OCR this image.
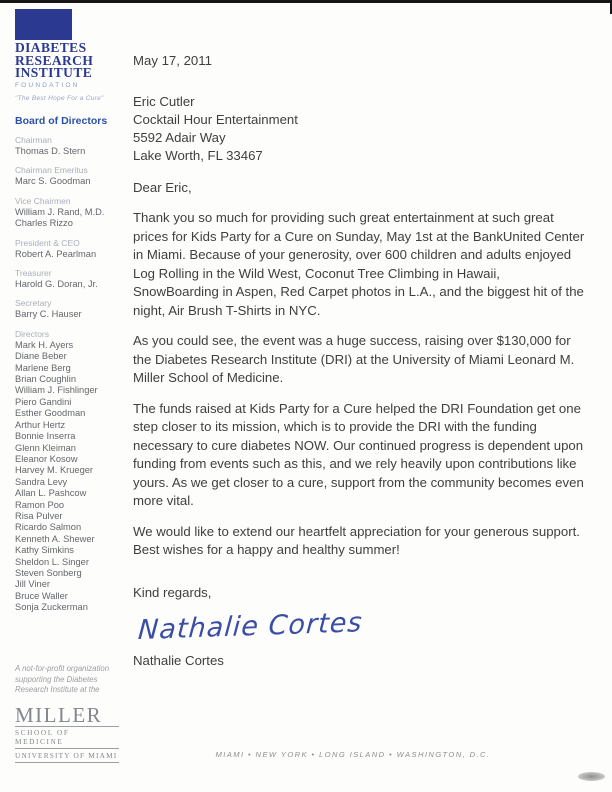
DIABETES
RESEARCH
INSTITUTE
FOUNDATION
"The Best Hope For a Cure"
Board of Directors
Chairman
Thomas D. Stern
Chairman Emeritus
Marc S. Goodman
Vice Chairmen
William J. Rand, M.D.
Charles Rizzo
President & CEO
Robert A. Pearlman
Treasurer
Harold G. Doran, Jr.
Secretary
Barry C. Hauser
Directors
Mark H. Ayers
Diane Beber
Marlene Berg
Brian Coughlin
William J. Fishlinger
Piero Gandini
Esther Goodman
Arthur Hertz
Bonnie Inserra
Glenn Kleiman
Eleanor Kosow
Harvey M. Krueger
Sandra Levy
Allan L. Pashcow
Ramon Poo
Risa Pulver
Ricardo Salmon
Kenneth A. Shewer
Kathy Simkins
Sheldon L. Singer
Steven Sonberg
Jill Viner
Bruce Waller
Sonja Zuckerman
A not-for-profit organization
supporting the Diabetes
Research Institute at the
MILLER
SCHOOL OF MEDICINE
UNIVERSITY OF MIAMI
May 17, 2011
Eric Cutler
Cocktail Hour Entertainment
5592 Adair Way
Lake Worth, FL 33467
Dear Eric,
Thank you so much for providing such great entertainment at such great prices for Kids Party for a Cure on Sunday, May 1st at the BankUnited Center in Miami. Because of your generosity, over 600 children and adults enjoyed Log Rolling in the Wild West, Coconut Tree Climbing in Hawaii, SnowBoarding in Aspen, Red Carpet photos in L.A., and the biggest hit of the night, Air Brush T-Shirts in NYC.
As you could see, the event was a huge success, raising over $130,000 for the Diabetes Research Institute (DRI) at the University of Miami Leonard M. Miller School of Medicine.
The funds raised at Kids Party for a Cure helped the DRI Foundation get one step closer to its mission, which is to provide the DRI with the funding necessary to cure diabetes NOW. Our continued progress is dependent upon funding from events such as this, and we rely heavily upon contributions like yours. As we get closer to a cure, support from the community becomes even more vital.
We would like to extend our heartfelt appreciation for your generous support. Best wishes for a happy and healthy summer!
Kind regards,
Nathalie Cortes
Nathalie Cortes
MIAMI • NEW YORK • LONG ISLAND • WASHINGTON, D.C.
